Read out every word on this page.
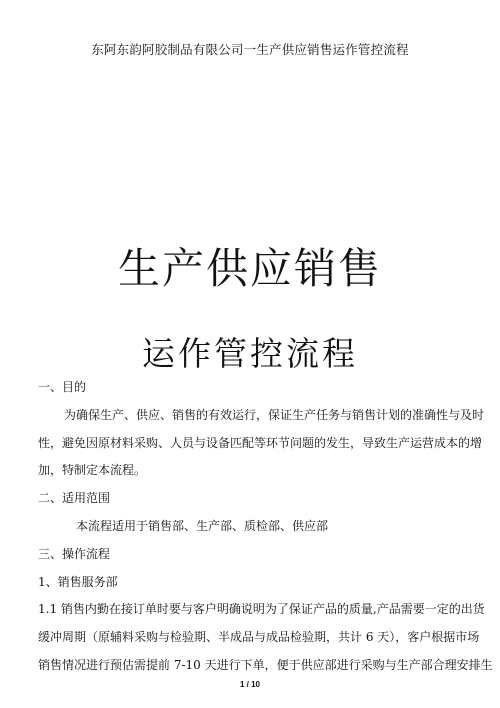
东阿东韵阿胶制品有限公司一生产供应销售运作管控流程
生产供应销售
运作管控流程

一、目的

为确保生产、供应、销售的有效运行，保证生产任务与销售计划的准确性与及时

性，避免因原材料采购、人员与设备匹配等环节问题的发生，导致生产运营成本的增

加，特制定本流程。

二、适用范围

本流程适用于销售部、生产部、质检部、供应部

三、操作流程

1、销售服务部

1.1 销售内勤在接订单时要与客户明确说明为了保证产品的质量,产品需要一定的出货

缓冲周期（原辅料采购与检验期、半成品与成品检验期，共计 6 天），客户根据市场

销售情况进行预估需提前 7-10 天进行下单，便于供应部进行采购与生产部合理安排生

1 / 10
